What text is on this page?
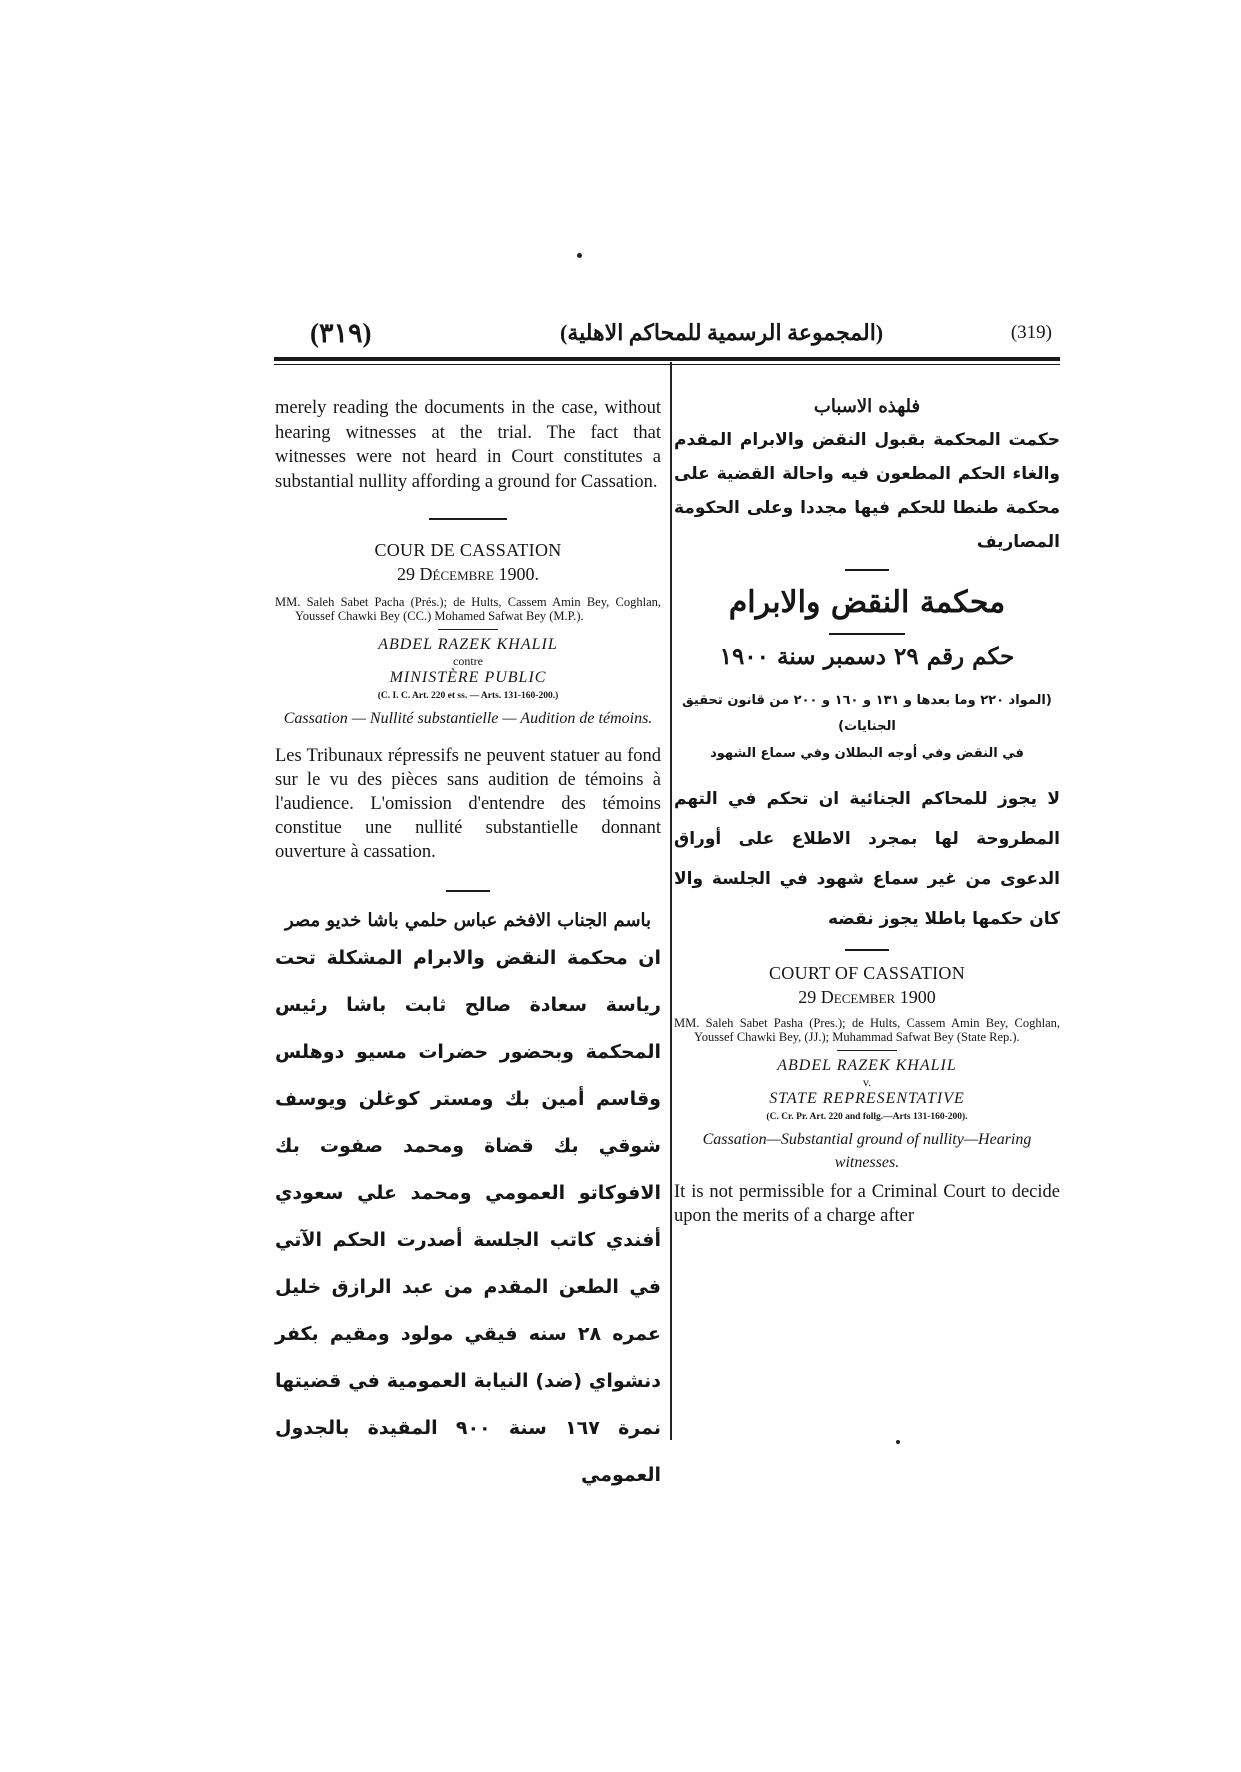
(٣١٩)	(المجموعة الرسمية للمحاكم الاهلية)	(319)

merely reading the documents in the case, without hearing witnesses at the trial. The fact that witnesses were not heard in Court constitutes a substantial nullity affording a ground for Cassation.

COUR DE CASSATION
29 Décembre 1900.
MM. Saleh Sabet Pacha (Prés.); de Hults, Cassem Amin Bey, Coghlan, Youssef Chawki Bey (CC.) Mohamed Safwat Bey (M.P.).
ABDEL RAZEK KHALIL
contre
MINISTÈRE PUBLIC
(C. I. C. Art. 220 et ss. — Arts. 131-160-200.)
Cassation — Nullité substantielle — Audition de témoins.

Les Tribunaux répressifs ne peuvent statuer au fond sur le vu des pièces sans audition de témoins à l'audience. L'omission d'entendre des témoins constitue une nullité substantielle donnant ouverture à cassation.

باسم الجناب الافخم عباس حلمي باشا خديو مصر
ان محكمة النقض والابرام المشكلة تحت رياسة سعادة صالح ثابت باشا رئيس المحكمة وبحضور حضرات مسيو دوهلس وقاسم أمين بك ومستر كوغلن ويوسف شوقي بك قضاة ومحمد صفوت بك الافوكاتو العمومي ومحمد علي سعودي أفندي كاتب الجلسة أصدرت الحكم الآتي في الطعن المقدم من عبد الرازق خليل عمره ٢٨ سنه فيقي مولود ومقيم بكفر دنشواي (ضد) النيابة العمومية في قضيتها نمرة ١٦٧ سنة ٩٠٠ المقيدة بالجدول العمومي
فلهذه الاسباب
حكمت المحكمة بقبول النقض والابرام المقدم والغاء الحكم المطعون فيه واحالة القضية على محكمة طنطا للحكم فيها مجددا وعلى الحكومة المصاريف
محكمة النقض والابرام
حكم رقم ٢٩ دسمبر سنة ١٩٠٠
(المواد ٢٢٠ وما بعدها و ١٣١ و ١٦٠ و ٢٠٠ من قانون تحقيق الجنايات)
في النقض وفي أوجه البطلان وفي سماع الشهود
لا يجوز للمحاكم الجنائية ان تحكم في التهم المطروحة لها بمجرد الاطلاع على أوراق الدعوى من غير سماع شهود في الجلسة والا كان حكمها باطلا يجوز نقضه
COURT OF CASSATION
29 December 1900
MM. Saleh Sabet Pasha (Pres.); de Hults, Cassem Amin Bey, Coghlan, Youssef Chawki Bey, (JJ.); Muhammad Safwat Bey (State Rep.).
ABDEL RAZEK KHALIL
v.
STATE REPRESENTATIVE
(C. Cr. Pr. Art. 220 and follg.—Arts 131-160-200).
Cassation—Substantial ground of nullity—Hearing witnesses.

It is not permissible for a Criminal Court to decide upon the merits of a charge after
